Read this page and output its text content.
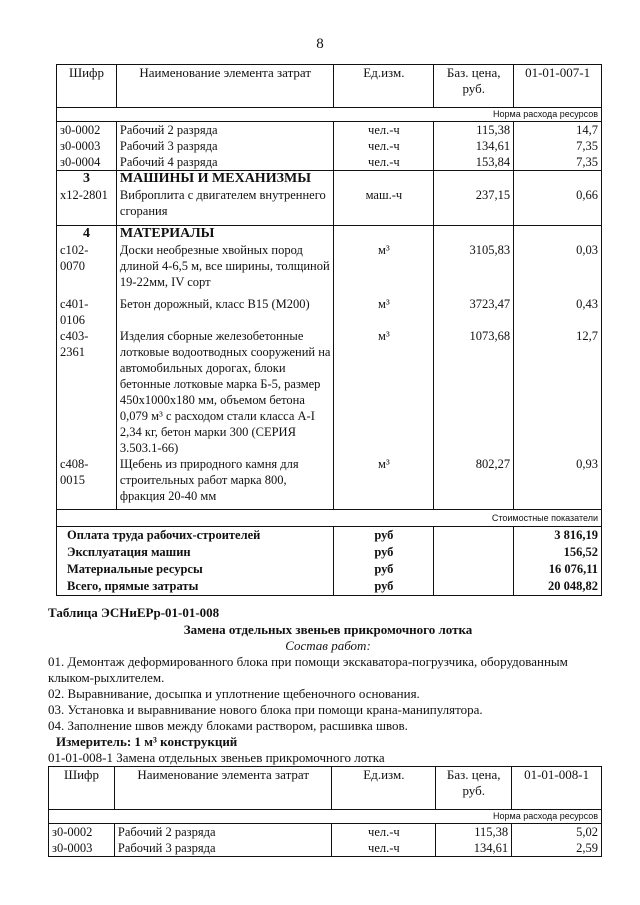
8
Шифр	Наименование элемента затрат	Ед.изм.	Баз. цена, руб.	01-01-007-1
Норма расхода ресурсов				
з0-0002	Рабочий 2 разряда	чел.-ч	115,38	14,7
з0-0003	Рабочий 3 разряда	чел.-ч	134,61	7,35
з0-0004	Рабочий 4 разряда	чел.-ч	153,84	7,35
3	МАШИНЫ И МЕХАНИЗМЫ			
х12-2801	Виброплита с двигателем внутреннего сгорания	маш.-ч	237,15	0,66
4	МАТЕРИАЛЫ			
с102-0070	Доски необрезные хвойных пород длиной 4-6,5 м, все ширины, толщиной 19-22мм, IV сорт	м³	3105,83	0,03
с401-0106	Бетон дорожный, класс В15 (М200)	м³	3723,47	0,43
с403-2361	Изделия сборные железобетонные лотковые водоотводных сооружений на автомобильных дорогах, блоки бетонные лотковые марка Б-5, размер 450х1000х180 мм, объемом бетона 0,079 м³ с расходом стали класса А-I 2,34 кг, бетон марки 300 (СЕРИЯ 3.503.1-66)	м³	1073,68	12,7
с408-0015	Щебень из природного камня для строительных работ марка 800, фракция 20-40 мм	м³	802,27	0,93
Стоимостные показатели				
Оплата труда рабочих-строителей		руб		3 816,19
Эксплуатация машин		руб		156,52
Материальные ресурсы		руб		16 076,11
Всего, прямые затраты		руб		20 048,82
Таблица ЭСНиЕРр-01-01-008
Замена отдельных звеньев прикромочного лотка
Состав работ:
01. Демонтаж деформированного блока при помощи экскаватора-погрузчика, оборудованным клыком-рыхлителем.
02. Выравнивание, досыпка и уплотнение щебеночного основания.
03. Установка и выравнивание нового блока при помощи крана-манипулятора.
04. Заполнение швов между блоками раствором, расшивка швов.
Измеритель: 1 м³ конструкций
01-01-008-1 Замена отдельных звеньев прикромочного лотка
Шифр	Наименование элемента затрат	Ед.изм.	Баз. цена, руб.	01-01-008-1
Норма расхода ресурсов				
з0-0002	Рабочий 2 разряда	чел.-ч	115,38	5,02
з0-0003	Рабочий 3 разряда	чел.-ч	134,61	2,59
